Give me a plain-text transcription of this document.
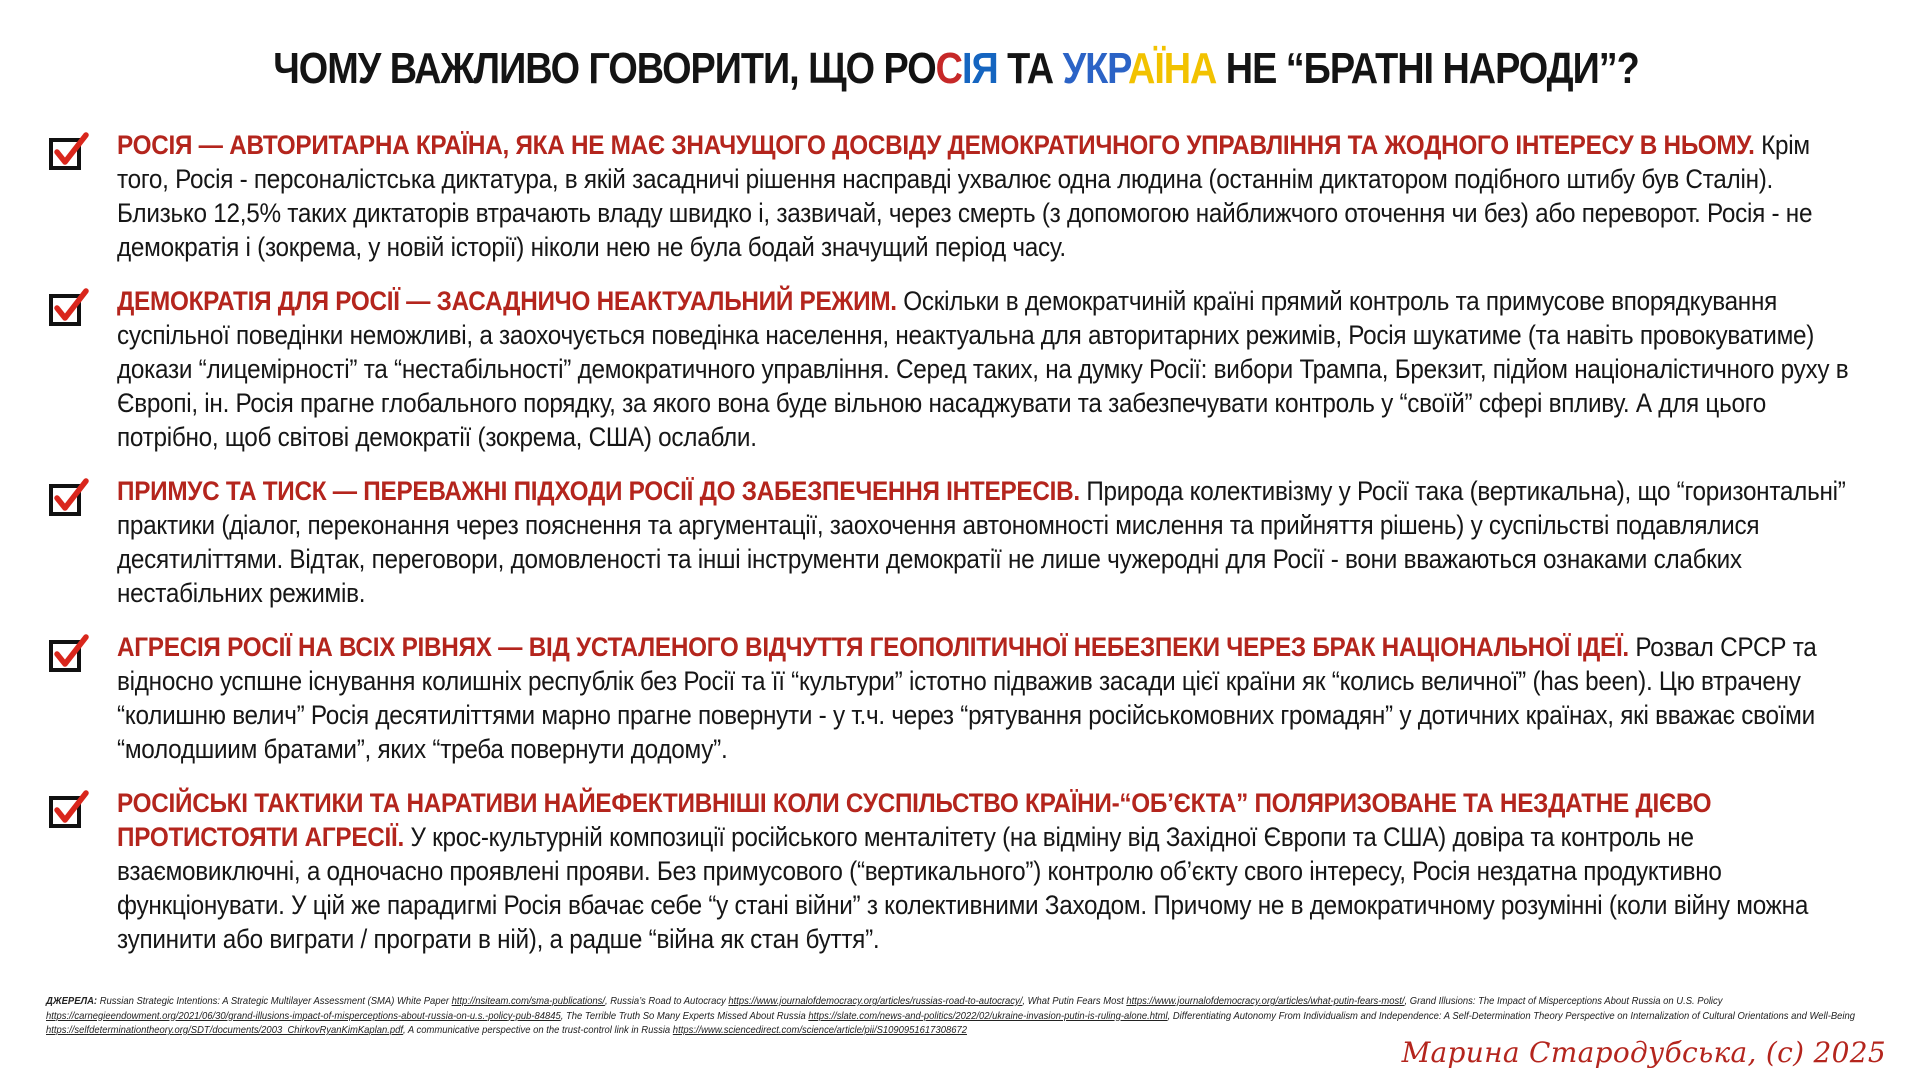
ЧОМУ ВАЖЛИВО ГОВОРИТИ, ЩО РОСІЯ ТА УКРАЇНА НЕ “БРАТНІ НАРОДИ”?
РОСІЯ — АВТОРИТАРНА КРАЇНА, ЯКА НЕ МАЄ ЗНАЧУЩОГО ДОСВІДУ ДЕМОКРАТИЧНОГО УПРАВЛІННЯ ТА ЖОДНОГО ІНТЕРЕСУ В НЬОМУ. Крім того, Росія - персоналістська диктатура, в якій засадничі рішення насправді ухвалює одна людина (останнім диктатором подібного штибу був Сталін). Близько 12,5% таких диктаторів втрачають владу швидко і, зазвичай, через смерть (з допомогою найближчого оточення чи без) або переворот. Росія - не демократія і (зокрема, у новій історії) ніколи нею не була бодай значущий період часу.
ДЕМОКРАТІЯ ДЛЯ РОСІЇ — ЗАСАДНИЧО НЕАКТУАЛЬНИЙ РЕЖИМ. Оскільки в демократчиній країні прямий контроль та примусове впорядкування суспільної поведінки неможливі, а заохочується поведінка населення, неактуальна для авторитарних режимів, Росія шукатиме (та навіть провокуватиме) докази “лицемірності” та “нестабільності” демократичного управління. Серед таких, на думку Росії: вибори Трампа, Брекзит, підйом націоналістичного руху в Європі, ін. Росія прагне глобального порядку, за якого вона буде вільною насаджувати та забезпечувати контроль у “своїй” сфері впливу. А для цього потрібно, щоб світові демократії (зокрема, США) ослабли.
ПРИМУС ТА ТИСК — ПЕРЕВАЖНІ ПІДХОДИ РОСІЇ ДО ЗАБЕЗПЕЧЕННЯ ІНТЕРЕСІВ. Природа колективізму у Росії така (вертикальна), що “горизонтальні” практики (діалог, переконання через пояснення та аргументації, заохочення автономності мислення та прийняття рішень) у суспільстві подавлялися десятиліттями. Відтак, переговори, домовленості та інші інструменти демократії не лише чужеродні для Росії - вони вважаються ознаками слабких нестабільних режимів.
АГРЕСІЯ РОСІЇ НА ВСІХ РІВНЯХ — ВІД УСТАЛЕНОГО ВІДЧУТТЯ ГЕОПОЛІТИЧНОЇ НЕБЕЗПЕКИ ЧЕРЕЗ БРАК НАЦІОНАЛЬНОЇ ІДЕЇ. Розвал СРСР та відносно успшне існування колишніх республік без Росії та її “культури” істотно підважив засади цієї країни як “колись величної” (has been). Цю втрачену “колишню велич” Росія десятиліттями марно прагне повернути - у т.ч. через “рятування російськомовних громадян” у дотичних країнах, які вважає своїми “молодшиим братами”, яких “треба повернути додому”.
РОСІЙСЬКІ ТАКТИКИ ТА НАРАТИВИ НАЙЕФЕКТИВНІШІ КОЛИ СУСПІЛЬСТВО КРАЇНИ-“ОБ’ЄКТА” ПОЛЯРИЗОВАНЕ ТА НЕЗДАТНЕ ДІЄВО ПРОТИСТОЯТИ АГРЕСІЇ. У крос-культурній композиції російського менталітету (на відміну від Західної Європи та США) довіра та контроль не взаємовиключні, а одночасно проявлені прояви. Без примусового (“вертикального”) контролю об’єкту свого інтересу, Росія нездатна продуктивно функціонувати. У цій же парадигмі Росія вбачає себе “у стані війни” з колективними Заходом. Причому не в демократичному розумінні (коли війну можна зупинити або виграти / програти в ній), а радше “війна як стан буття”.
ДЖЕРЕЛА: Russian Strategic Intentions: A Strategic Multilayer Assessment (SMA) White Paper http://nsiteam.com/sma-publications/, Russia’s Road to Autocracy https://www.journalofdemocracy.org/articles/russias-road-to-autocracy/, What Putin Fears Most https://www.journalofdemocracy.org/articles/what-putin-fears-most/, Grand Illusions: The Impact of Misperceptions About Russia on U.S. Policy https://carnegieendowment.org/2021/06/30/grand-illusions-impact-of-misperceptions-about-russia-on-u.s.-policy-pub-84845, The Terrible Truth So Many Experts Missed About Russia https://slate.com/news-and-politics/2022/02/ukraine-invasion-putin-is-ruling-alone.html, Differentiating Autonomy From Individualism and Independence: A Self-Determination Theory Perspective on Internalization of Cultural Orientations and Well-Being https://selfdeterminationtheory.org/SDT/documents/2003_ChirkovRyanKimKaplan.pdf, A communicative perspective on the trust-control link in Russia https://www.sciencedirect.com/science/article/pii/S1090951617308672
Марина Стародубська, (с) 2025
